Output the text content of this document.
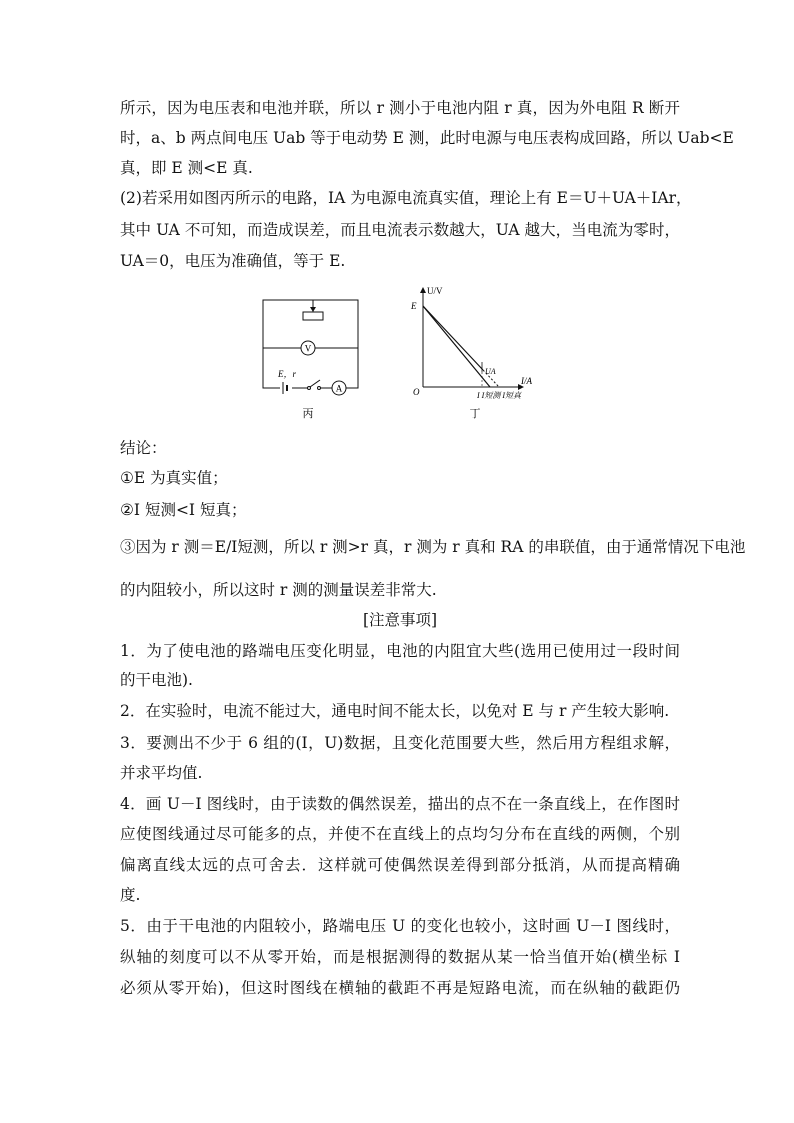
所示，因为电压表和电池并联，所以 r 测小于电池内阻 r 真，因为外电阻 R 断开
时，a、b 两点间电压 Uab 等于电动势 E 测，此时电源与电压表构成回路，所以 Uab<E
真，即 E 测<E 真.
(2)若采用如图丙所示的电路，IA 为电源电流真实值，理论上有 E＝U＋UA＋IAr，
其中 UA 不可知，而造成误差，而且电流表示数越大，UA 越大，当电流为零时，
UA＝0，电压为准确值，等于 E.
V
E，r
A
丙
U/V
I/A
O
E
UA
I I短测 I短真
丁
结论：
①E 为真实值；
②I 短测<I 短真；
③因为 r 测＝E/I短测，所以 r 测>r 真，r 测为 r 真和 RA 的串联值，由于通常情况下电池
的内阻较小，所以这时 r 测的测量误差非常大.
[注意事项]
1．为了使电池的路端电压变化明显，电池的内阻宜大些(选用已使用过一段时间
的干电池).
2．在实验时，电流不能过大，通电时间不能太长，以免对 E 与 r 产生较大影响.
3．要测出不少于 6 组的(I，U)数据，且变化范围要大些，然后用方程组求解，
并求平均值.
4．画 U－I 图线时，由于读数的偶然误差，描出的点不在一条直线上，在作图时
应使图线通过尽可能多的点，并使不在直线上的点均匀分布在直线的两侧，个别
偏离直线太远的点可舍去．这样就可使偶然误差得到部分抵消，从而提高精确
度.
5．由于干电池的内阻较小，路端电压 U 的变化也较小，这时画 U－I 图线时，
纵轴的刻度可以不从零开始，而是根据测得的数据从某一恰当值开始(横坐标 I
必须从零开始)，但这时图线在横轴的截距不再是短路电流，而在纵轴的截距仍
